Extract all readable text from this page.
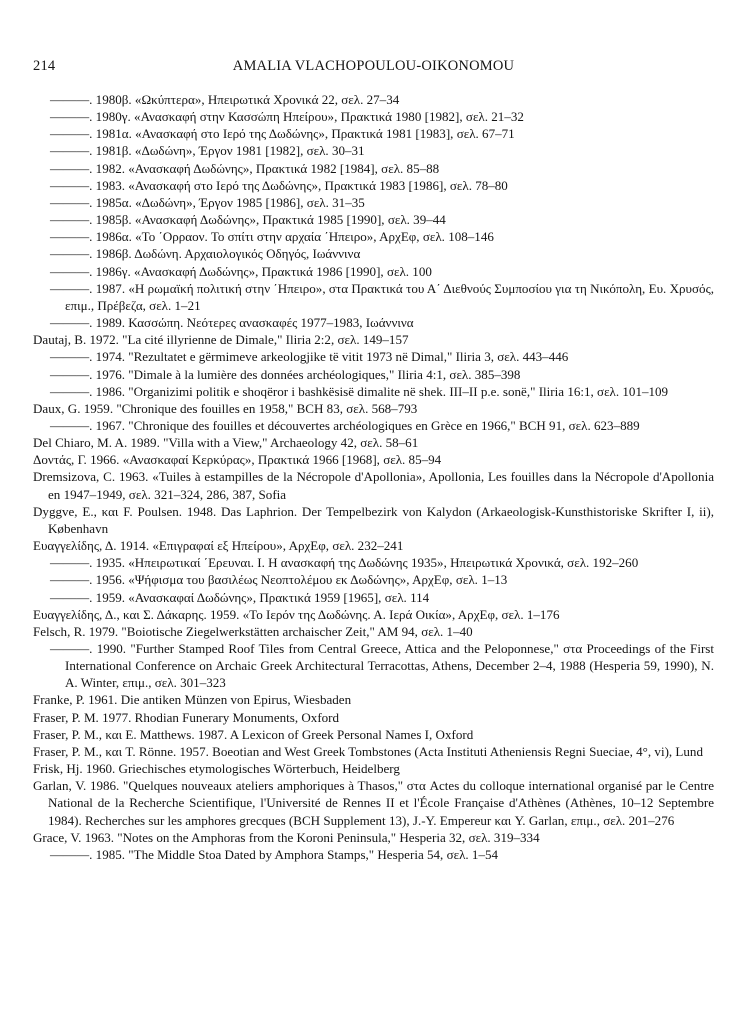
214	AMALIA VLACHOPOULOU-OIKONOMOU
———. 1980β. «Ωκύπτερα», Ηπειρωτικά Χρονικά 22, σελ. 27–34
———. 1980γ. «Ανασκαφή στην Κασσώπη Ηπείρου», Πρακτικά 1980 [1982], σελ. 21–32
———. 1981α. «Ανασκαφή στο Ιερό της Δωδώνης», Πρακτικά 1981 [1983], σελ. 67–71
———. 1981β. «Δωδώνη», Έργον 1981 [1982], σελ. 30–31
———. 1982. «Ανασκαφή Δωδώνης», Πρακτικά 1982 [1984], σελ. 85–88
———. 1983. «Ανασκαφή στο Ιερό της Δωδώνης», Πρακτικά 1983 [1986], σελ. 78–80
———. 1985α. «Δωδώνη», Έργον 1985 [1986], σελ. 31–35
———. 1985β. «Ανασκαφή Δωδώνης», Πρακτικά 1985 [1990], σελ. 39–44
———. 1986α. «Το ΄Ορραον. Το σπίτι στην αρχαία ΄Ηπειρο», ΑρχΕφ, σελ. 108–146
———. 1986β. Δωδώνη. Αρχαιολογικός Οδηγός, Ιωάννινα
———. 1986γ. «Ανασκαφή Δωδώνης», Πρακτικά 1986 [1990], σελ. 100
———. 1987. «Η ρωμαϊκή πολιτική στην ΄Ηπειρο», στα Πρακτικά του Α΄ Διεθνούς Συμποσίου για τη Νικόπολη, Ευ. Χρυσός, επιμ., Πρέβεζα, σελ. 1–21
———. 1989. Κασσώπη. Νεότερες ανασκαφές 1977–1983, Ιωάννινα
Dautaj, B. 1972. "La cité illyrienne de Dimale," Iliria 2:2, σελ. 149–157
———. 1974. "Rezultatet e gërmimeve arkeologjike të vitit 1973 në Dimal," Iliria 3, σελ. 443–446
———. 1976. "Dimale à la lumière des données archéologiques," Iliria 4:1, σελ. 385–398
———. 1986. "Organizimi politik e shoqëror i bashkësisë dimalite në shek. III–II p.e. sonë," Iliria 16:1, σελ. 101–109
Daux, G. 1959. "Chronique des fouilles en 1958," BCH 83, σελ. 568–793
———. 1967. "Chronique des fouilles et découvertes archéologiques en Grèce en 1966," BCH 91, σελ. 623–889
Del Chiaro, M. A. 1989. "Villa with a View," Archaeology 42, σελ. 58–61
Δοντάς, Γ. 1966. «Ανασκαφαί Κερκύρας», Πρακτικά 1966 [1968], σελ. 85–94
Dremsizova, C. 1963. «Tuiles à estampilles de la Nécropole d'Apollonia», Apollonia, Les fouilles dans la Nécropole d'Apollonia en 1947–1949, σελ. 321–324, 286, 387, Sofia
Dyggve, E., και F. Poulsen. 1948. Das Laphrion. Der Tempelbezirk von Kalydon (Arkaeologisk-Kunsthistoriske Skrifter I, ii), København
Ευαγγελίδης, Δ. 1914. «Επιγραφαί εξ Ηπείρου», ΑρχΕφ, σελ. 232–241
———. 1935. «Ηπειρωτικαί ΄Ερευναι. Ι. Η ανασκαφή της Δωδώνης 1935», Ηπειρωτικά Χρονικά, σελ. 192–260
———. 1956. «Ψήφισμα του βασιλέως Νεοπτολέμου εκ Δωδώνης», ΑρχΕφ, σελ. 1–13
———. 1959. «Ανασκαφαί Δωδώνης», Πρακτικά 1959 [1965], σελ. 114
Ευαγγελίδης, Δ., και Σ. Δάκαρης. 1959. «Το Ιερόν της Δωδώνης. Α. Ιερά Οικία», ΑρχΕφ, σελ. 1–176
Felsch, R. 1979. "Boiotische Ziegelwerkstätten archaischer Zeit," AM 94, σελ. 1–40
———. 1990. "Further Stamped Roof Tiles from Central Greece, Attica and the Peloponnese," στα Proceedings of the First International Conference on Archaic Greek Architectural Terracottas, Athens, December 2–4, 1988 (Hesperia 59, 1990), N. A. Winter, επιμ., σελ. 301–323
Franke, P. 1961. Die antiken Münzen von Epirus, Wiesbaden
Fraser, P. M. 1977. Rhodian Funerary Monuments, Oxford
Fraser, P. M., και E. Matthews. 1987. A Lexicon of Greek Personal Names I, Oxford
Fraser, P. M., και T. Rönne. 1957. Boeotian and West Greek Tombstones (Acta Instituti Atheniensis Regni Sueciae, 4°, vi), Lund
Frisk, Hj. 1960. Griechisches etymologisches Wörterbuch, Heidelberg
Garlan, V. 1986. "Quelques nouveaux ateliers amphoriques à Thasos," στα Actes du colloque international organisé par le Centre National de la Recherche Scientifique, l'Université de Rennes II et l'École Française d'Athènes (Athènes, 10–12 Septembre 1984). Recherches sur les amphores grecques (BCH Supplement 13), J.-Y. Empereur και Y. Garlan, επιμ., σελ. 201–276
Grace, V. 1963. "Notes on the Amphoras from the Koroni Peninsula," Hesperia 32, σελ. 319–334
———. 1985. "The Middle Stoa Dated by Amphora Stamps," Hesperia 54, σελ. 1–54
